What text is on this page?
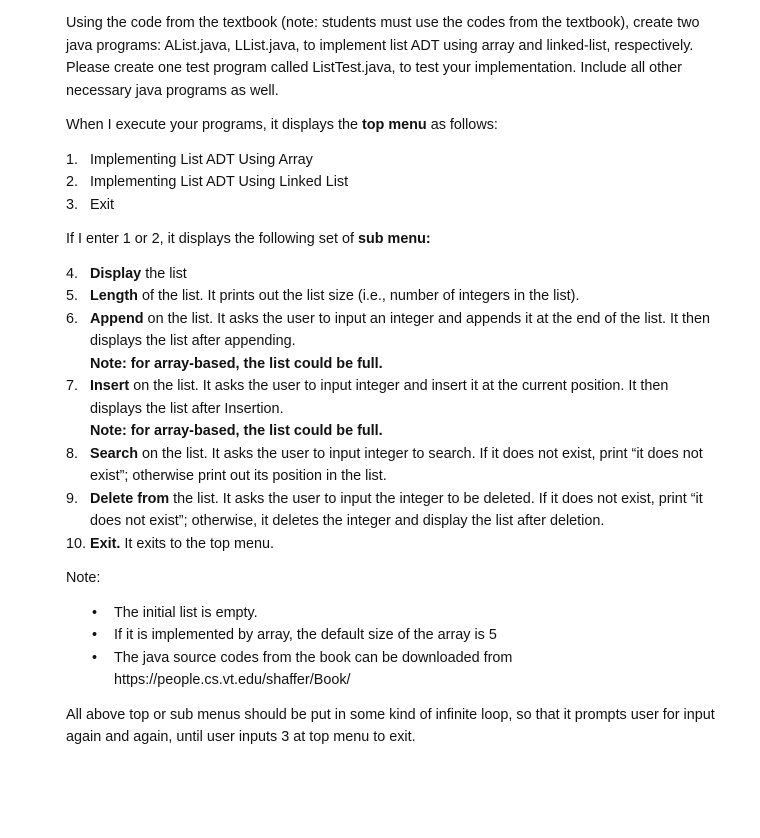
Using the code from the textbook (note: students must use the codes from the textbook), create two java programs: AList.java, LList.java, to implement list ADT using array and linked-list, respectively. Please create one test program called ListTest.java, to test your implementation. Include all other necessary java programs as well.

When I execute your programs, it displays the top menu as follows:

1. Implementing List ADT Using Array
2. Implementing List ADT Using Linked List
3. Exit

If I enter 1 or 2, it displays the following set of sub menu:

4. Display the list
5. Length of the list. It prints out the list size (i.e., number of integers in the list).
6. Append on the list. It asks the user to input an integer and appends it at the end of the list. It then displays the list after appending.
Note: for array-based, the list could be full.
7. Insert on the list. It asks the user to input integer and insert it at the current position. It then displays the list after Insertion.
Note: for array-based, the list could be full.
8. Search on the list. It asks the user to input integer to search. If it does not exist, print “it does not exist”; otherwise print out its position in the list.
9. Delete from the list. It asks the user to input the integer to be deleted. If it does not exist, print “it does not exist”; otherwise, it deletes the integer and display the list after deletion.
10. Exit. It exits to the top menu.

Note:

• The initial list is empty.
• If it is implemented by array, the default size of the array is 5
• The java source codes from the book can be downloaded from https://people.cs.vt.edu/shaffer/Book/

All above top or sub menus should be put in some kind of infinite loop, so that it prompts user for input again and again, until user inputs 3 at top menu to exit.
